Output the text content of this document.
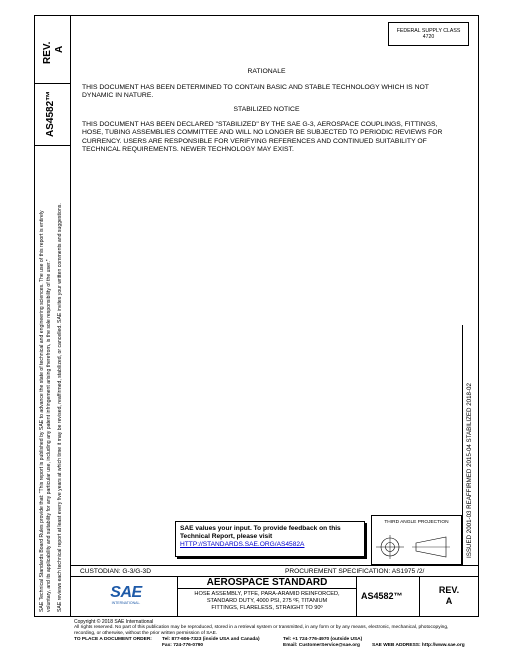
REV. A
AS4582™
SAE Technical Standards Board Rules provide that: “This report is published by SAE to advance the state of technical and engineering sciences. The use of this report is entirely voluntary, and its applicability and suitability for any particular use, including any patent infringement arising therefrom, is the sole responsibility of the user.” SAE reviews each technical report at least every five years at which time it may be revised, reaffirmed, stabilized, or cancelled. SAE invites your written comments and suggestions.
FEDERAL SUPPLY CLASS
4720
RATIONALE
THIS DOCUMENT HAS BEEN DETERMINED TO CONTAIN BASIC AND STABLE TECHNOLOGY WHICH IS NOT DYNAMIC IN NATURE.
STABILIZED NOTICE
THIS DOCUMENT HAS BEEN DECLARED "STABILIZED" BY THE SAE G-3, AEROSPACE COUPLINGS, FITTINGS, HOSE, TUBING ASSEMBLIES COMMITTEE AND WILL NO LONGER BE SUBJECTED TO PERIODIC REVIEWS FOR CURRENCY. USERS ARE RESPONSIBLE FOR VERIFYING REFERENCES AND CONTINUED SUITABILITY OF TECHNICAL REQUIREMENTS. NEWER TECHNOLOGY MAY EXIST.
ISSUED 2001-03 REAFFIRMED 2015-04 STABILIZED 2018-02
SAE values your input. To provide feedback on this
Technical Report, please visit
HTTP://STANDARDS.SAE.ORG/AS4582A
THIRD ANGLE PROJECTION
CUSTODIAN: G-3/G-3D	PROCUREMENT SPECIFICATION: AS1975 /2/
SAE
INTERNATIONAL.
AEROSPACE STANDARD
HOSE ASSEMBLY, PTFE, PARA-ARAMID REINFORCED,
STANDARD DUTY, 4000 PSI, 275 ºF, TITANIUM
FITTINGS, FLARELESS, STRAIGHT TO 90º
AS4582™
REV.
A
Copyright © 2018 SAE International
All rights reserved. No part of this publication may be reproduced, stored in a retrieval system or transmitted, in any form or by any means, electronic, mechanical, photocopying,
recording, or otherwise, without the prior written permission of SAE.
TO PLACE A DOCUMENT ORDER: Tel: 877-606-7323 (inside USA and Canada)
Fax: 724-776-0790
Tel: +1 724-776-4970 (outside USA)
Email: CustomerService@sae.org	SAE WEB ADDRESS: http://www.sae.org
